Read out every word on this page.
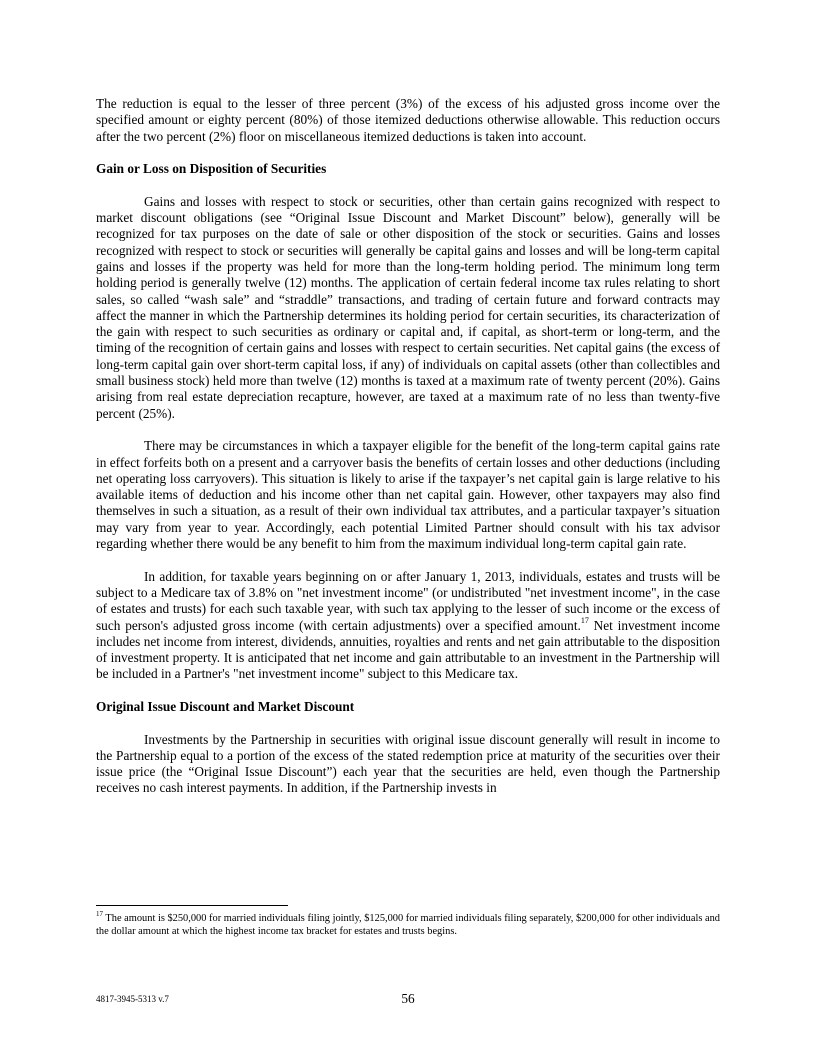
The reduction is equal to the lesser of three percent (3%) of the excess of his adjusted gross income over the specified amount or eighty percent (80%) of those itemized deductions otherwise allowable. This reduction occurs after the two percent (2%) floor on miscellaneous itemized deductions is taken into account.

Gain or Loss on Disposition of Securities

Gains and losses with respect to stock or securities, other than certain gains recognized with respect to market discount obligations (see “Original Issue Discount and Market Discount” below), generally will be recognized for tax purposes on the date of sale or other disposition of the stock or securities. Gains and losses recognized with respect to stock or securities will generally be capital gains and losses and will be long-term capital gains and losses if the property was held for more than the long-term holding period. The minimum long term holding period is generally twelve (12) months. The application of certain federal income tax rules relating to short sales, so called “wash sale” and “straddle” transactions, and trading of certain future and forward contracts may affect the manner in which the Partnership determines its holding period for certain securities, its characterization of the gain with respect to such securities as ordinary or capital and, if capital, as short-term or long-term, and the timing of the recognition of certain gains and losses with respect to certain securities. Net capital gains (the excess of long-term capital gain over short-term capital loss, if any) of individuals on capital assets (other than collectibles and small business stock) held more than twelve (12) months is taxed at a maximum rate of twenty percent (20%). Gains arising from real estate depreciation recapture, however, are taxed at a maximum rate of no less than twenty-five percent (25%).

There may be circumstances in which a taxpayer eligible for the benefit of the long-term capital gains rate in effect forfeits both on a present and a carryover basis the benefits of certain losses and other deductions (including net operating loss carryovers). This situation is likely to arise if the taxpayer’s net capital gain is large relative to his available items of deduction and his income other than net capital gain. However, other taxpayers may also find themselves in such a situation, as a result of their own individual tax attributes, and a particular taxpayer’s situation may vary from year to year. Accordingly, each potential Limited Partner should consult with his tax advisor regarding whether there would be any benefit to him from the maximum individual long-term capital gain rate.

In addition, for taxable years beginning on or after January 1, 2013, individuals, estates and trusts will be subject to a Medicare tax of 3.8% on "net investment income" (or undistributed "net investment income", in the case of estates and trusts) for each such taxable year, with such tax applying to the lesser of such income or the excess of such person's adjusted gross income (with certain adjustments) over a specified amount.$^{17}$ Net investment income includes net income from interest, dividends, annuities, royalties and rents and net gain attributable to the disposition of investment property. It is anticipated that net income and gain attributable to an investment in the Partnership will be included in a Partner's "net investment income" subject to this Medicare tax.

Original Issue Discount and Market Discount

Investments by the Partnership in securities with original issue discount generally will result in income to the Partnership equal to a portion of the excess of the stated redemption price at maturity of the securities over their issue price (the “Original Issue Discount”) each year that the securities are held, even though the Partnership receives no cash interest payments. In addition, if the Partnership invests in

$^{17}$ The amount is $250,000 for married individuals filing jointly, $125,000 for married individuals filing separately, $200,000 for other individuals and the dollar amount at which the highest income tax bracket for estates and trusts begins.
4817-3945-5313 v.7	56
